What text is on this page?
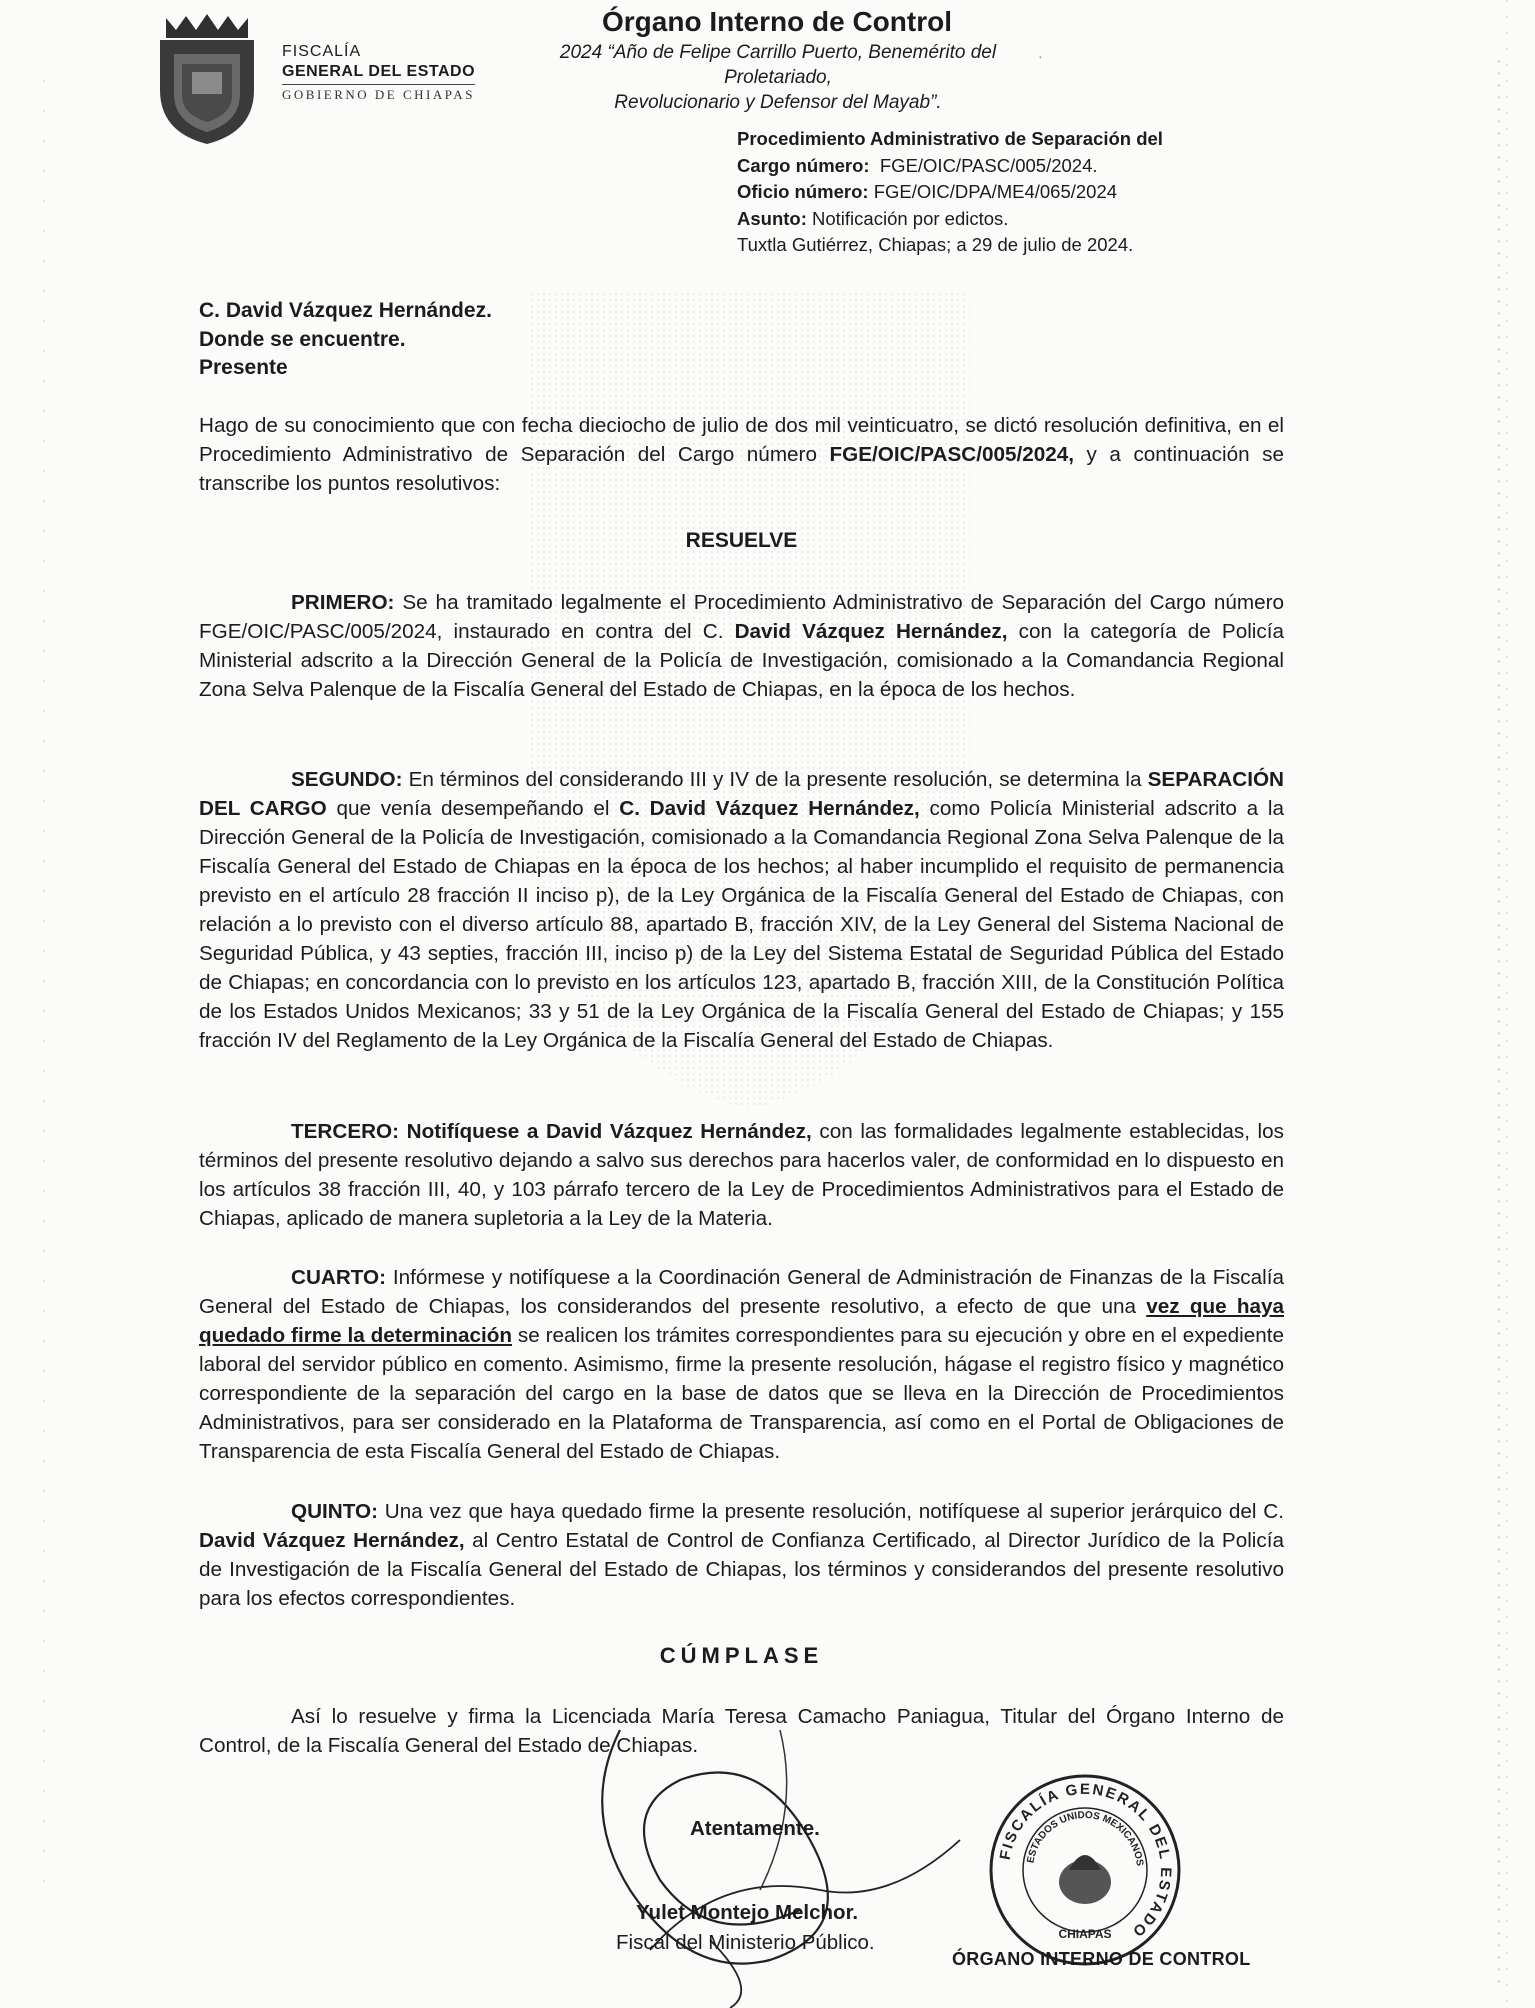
FISCALÍA
GENERAL DEL ESTADO
GOBIERNO DE CHIAPAS
Órgano Interno de Control
2024 “Año de Felipe Carrillo Puerto, Benemérito del Proletariado,
Revolucionario y Defensor del Mayab”.
·
Procedimiento Administrativo de Separación del
Cargo número: FGE/OIC/PASC/005/2024.
Oficio número: FGE/OIC/DPA/ME4/065/2024
Asunto: Notificación por edictos.
Tuxtla Gutiérrez, Chiapas; a 29 de julio de 2024.
C. David Vázquez Hernández.
Donde se encuentre.
Presente
Hago de su conocimiento que con fecha dieciocho de julio de dos mil veinticuatro, se dictó resolución definitiva, en el Procedimiento Administrativo de Separación del Cargo número FGE/OIC/PASC/005/2024, y a continuación se transcribe los puntos resolutivos:
RESUELVE
PRIMERO: Se ha tramitado legalmente el Procedimiento Administrativo de Separación del Cargo número FGE/OIC/PASC/005/2024, instaurado en contra del C. David Vázquez Hernández, con la categoría de Policía Ministerial adscrito a la Dirección General de la Policía de Investigación, comisionado a la Comandancia Regional Zona Selva Palenque de la Fiscalía General del Estado de Chiapas, en la época de los hechos.
SEGUNDO: En términos del considerando III y IV de la presente resolución, se determina la SEPARACIÓN DEL CARGO que venía desempeñando el C. David Vázquez Hernández, como Policía Ministerial adscrito a la Dirección General de la Policía de Investigación, comisionado a la Comandancia Regional Zona Selva Palenque de la Fiscalía General del Estado de Chiapas en la época de los hechos; al haber incumplido el requisito de permanencia previsto en el artículo 28 fracción II inciso p), de la Ley Orgánica de la Fiscalía General del Estado de Chiapas, con relación a lo previsto con el diverso artículo 88, apartado B, fracción XIV, de la Ley General del Sistema Nacional de Seguridad Pública, y 43 septies, fracción III, inciso p) de la Ley del Sistema Estatal de Seguridad Pública del Estado de Chiapas; en concordancia con lo previsto en los artículos 123, apartado B, fracción XIII, de la Constitución Política de los Estados Unidos Mexicanos; 33 y 51 de la Ley Orgánica de la Fiscalía General del Estado de Chiapas; y 155 fracción IV del Reglamento de la Ley Orgánica de la Fiscalía General del Estado de Chiapas.
TERCERO: Notifíquese a David Vázquez Hernández, con las formalidades legalmente establecidas, los términos del presente resolutivo dejando a salvo sus derechos para hacerlos valer, de conformidad en lo dispuesto en los artículos 38 fracción III, 40, y 103 párrafo tercero de la Ley de Procedimientos Administrativos para el Estado de Chiapas, aplicado de manera supletoria a la Ley de la Materia.
CUARTO: Infórmese y notifíquese a la Coordinación General de Administración de Finanzas de la Fiscalía General del Estado de Chiapas, los considerandos del presente resolutivo, a efecto de que una vez que haya quedado firme la determinación se realicen los trámites correspondientes para su ejecución y obre en el expediente laboral del servidor público en comento. Asimismo, firme la presente resolución, hágase el registro físico y magnético correspondiente de la separación del cargo en la base de datos que se lleva en la Dirección de Procedimientos Administrativos, para ser considerado en la Plataforma de Transparencia, así como en el Portal de Obligaciones de Transparencia de esta Fiscalía General del Estado de Chiapas.
QUINTO: Una vez que haya quedado firme la presente resolución, notifíquese al superior jerárquico del C. David Vázquez Hernández, al Centro Estatal de Control de Confianza Certificado, al Director Jurídico de la Policía de Investigación de la Fiscalía General del Estado de Chiapas, los términos y considerandos del presente resolutivo para los efectos correspondientes.
CÚMPLASE
Así lo resuelve y firma la Licenciada María Teresa Camacho Paniagua, Titular del Órgano Interno de Control, de la Fiscalía General del Estado de Chiapas.
Atentamente.
Yulet Montejo Melchor.
Fiscal del Ministerio Público.
FISCALÍA GENERAL DEL ESTADO
ESTADOS UNIDOS MEXICANOS
CHIAPAS
ÓRGANO INTERNO DE CONTROL
